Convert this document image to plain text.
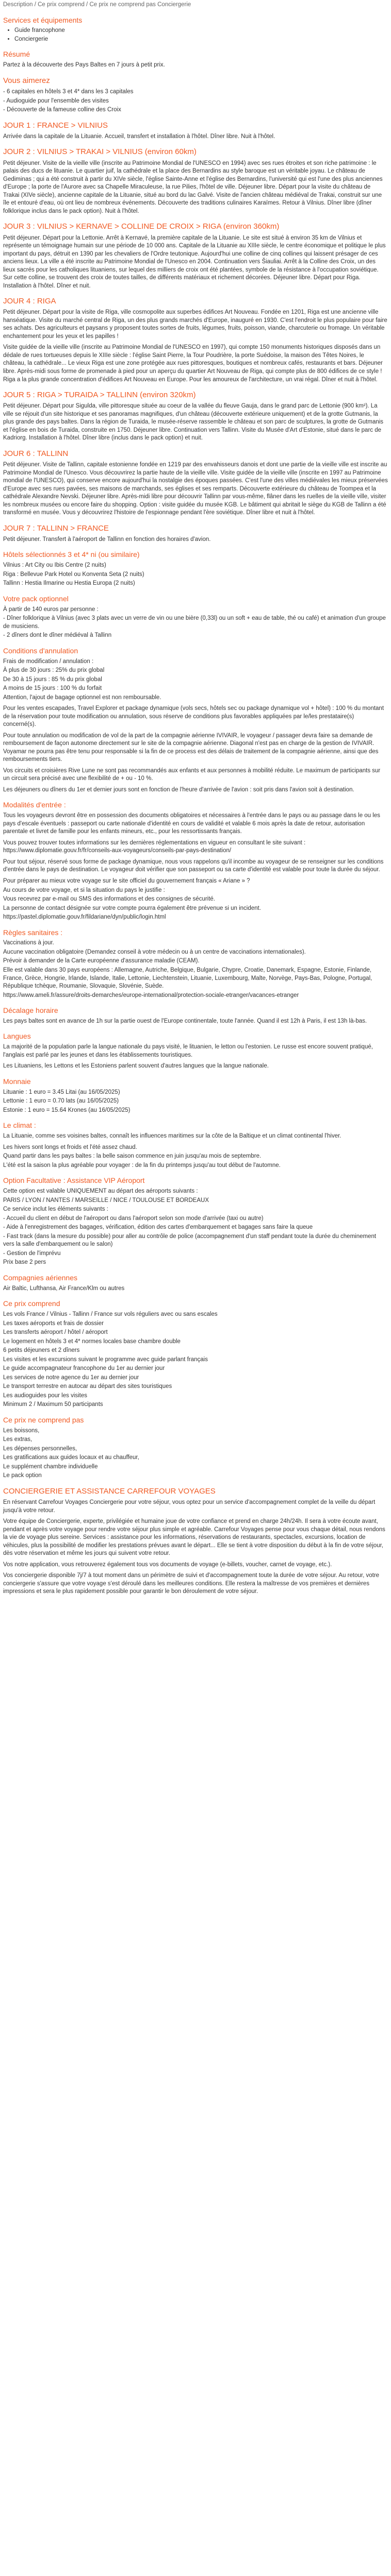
Description / Ce prix comprend / Ce prix ne comprend pas Conciergerie
Services et équipements
• Guide francophone
• Conciergerie
Résumé

Partez à la découverte des Pays Baltes en 7 jours à petit prix.

Vous aimerez
- 6 capitales en hôtels 3 et 4* dans les 3 capitales
- Audioguide pour l'ensemble des visites
- Découverte de la fameuse colline des Croix
JOUR 1 : FRANCE > VILNIUS

Arrivée dans la capitale de la Lituanie. Accueil, transfert et installation à l'hôtel. Dîner libre. Nuit à l'hôtel.

JOUR 2 : VILNIUS > TRAKAI > VILNIUS (environ 60km)

Petit déjeuner. Visite de la vieille ville (inscrite au Patrimoine Mondial de l'UNESCO en 1994) avec ses rues étroites et son riche patrimoine : le palais des ducs de lituanie. Le quartier juif, la cathédrale et la place des Bernardins au style baroque est un véritable joyau. Le château de Gediminas ; qui a été construit à partir du XIVe siècle, l'église Sainte-Anne et l'église des Bernardins, l'université qui est l'une des plus anciennes d'Europe ; la porte de l'Aurore avec sa Chapelle Miraculeuse, la rue Pilies, l'hôtel de ville. Déjeuner libre. Départ pour la visite du château de Trakai (XIVe siècle), ancienne capitale de la Lituanie, situé au bord du lac Galvé. Visite de l'ancien château médiéval de Trakai, construit sur une île et entouré d'eau, où ont lieu de nombreux événements. Découverte des traditions culinaires Karaïmes. Retour à Vilnius. Dîner libre (dîner folklorique inclus dans le pack option). Nuit à l'hôtel.

JOUR 3 : VILNIUS > KERNAVE > COLLINE DE CROIX > RIGA (environ 360km)

Petit déjeuner. Départ pour la Lettonie. Arrêt à Kernavé, la première capitale de la Lituanie. Le site est situé à environ 35 km de Vilnius et représente un témoignage humain sur une période de 10 000 ans. Capitale de la Lituanie au XIIIe siècle, le centre économique et politique le plus important du pays, détruit en 1390 par les chevaliers de l'Ordre teutonique. Aujourd'hui une colline de cinq collines qui laissent présager de ces anciens lieux. La ville a été inscrite au Patrimoine Mondial de l'Unesco en 2004. Continuation vers Šiauliai. Arrêt à la Colline des Croix, un des lieux sacrés pour les catholiques lituaniens, sur lequel des milliers de croix ont été plantées, symbole de la résistance à l'occupation soviétique. Sur cette colline, se trouvent des croix de toutes tailles, de différents matériaux et richement décorées. Déjeuner libre. Départ pour Riga. Installation à l'hôtel. Dîner et nuit.

JOUR 4 : RIGA

Petit déjeuner. Départ pour la visite de Riga, ville cosmopolite aux superbes édifices Art Nouveau. Fondée en 1201, Riga est une ancienne ville hanséatique. Visite du marché central de Riga, un des plus grands marchés d'Europe, inauguré en 1930. C'est l'endroit le plus populaire pour faire ses achats. Des agriculteurs et paysans y proposent toutes sortes de fruits, légumes, fruits, poisson, viande, charcuterie ou fromage. Un véritable enchantement pour les yeux et les papilles !

Visite guidée de la vieille ville (inscrite au Patrimoine Mondial de l'UNESCO en 1997), qui compte 150 monuments historiques disposés dans un dédale de rues tortueuses depuis le XIIIe siècle : l'église Saint Pierre, la Tour Poudrière, la porte Suédoise, la maison des Têtes Noires, le château, la cathédrale... Le vieux Riga est une zone protégée aux rues pittoresques, boutiques et nombreux cafés, restaurants et bars. Déjeuner libre. Après-midi sous forme de promenade à pied pour un aperçu du quartier Art Nouveau de Riga, qui compte plus de 800 édifices de ce style ! Riga a la plus grande concentration d'édifices Art Nouveau en Europe. Pour les amoureux de l'architecture, un vrai régal. Dîner et nuit à l'hôtel.

JOUR 5 : RIGA > TURAIDA > TALLINN (environ 320km)

Petit déjeuner. Départ pour Sigulda, ville pittoresque située au coeur de la vallée du fleuve Gauja, dans le grand parc de Lettonie (900 km²). La ville se réjouit d'un site historique et ses panoramas magnifiques, d'un château (découverte extérieure uniquement) et de la grotte Gutmanis, la plus grande des pays baltes. Dans la région de Turaida, le musée-réserve rassemble le château et son parc de sculptures, la grotte de Gutmanis et l'église en bois de Turaida, construite en 1750. Déjeuner libre. Continuation vers Tallinn. Visite du Musée d'Art d'Estonie, situé dans le parc de Kadriorg. Installation à l'hôtel. Dîner libre (inclus dans le pack option) et nuit.

JOUR 6 : TALLINN

Petit déjeuner. Visite de Tallinn, capitale estonienne fondée en 1219 par des envahisseurs danois et dont une partie de la vieille ville est inscrite au Patrimoine Mondial de l'Unesco. Vous découvrirez la partie haute de la vieille ville. Visite guidée de la vieille ville (inscrite en 1997 au Patrimoine mondial de l'UNESCO), qui conserve encore aujourd'hui la nostalgie des époques passées. C'est l'une des villes médiévales les mieux préservées d'Europe avec ses rues pavées, ses maisons de marchands, ses églises et ses remparts. Découverte extérieure du château de Toompea et la cathédrale Alexandre Nevski. Déjeuner libre. Après-midi libre pour découvrir Tallinn par vous-même, flâner dans les ruelles de la vieille ville, visiter les nombreux musées ou encore faire du shopping. Option : visite guidée du musée KGB. Le bâtiment qui abritait le siège du KGB de Tallinn a été transformé en musée. Vous y découvrirez l'histoire de l'espionnage pendant l'ère soviétique. Dîner libre et nuit à l'hôtel.

JOUR 7 : TALLINN > FRANCE

Petit déjeuner. Transfert à l'aéroport de Tallinn en fonction des horaires d'avion.

Hôtels sélectionnés 3 et 4* ni (ou similaire)
Vilnius : Art City ou Ibis Centre (2 nuits)
Riga : Bellevue Park Hotel ou Konventa Seta (2 nuits)
Tallinn : Hestia Ilmarine ou Hestia Europa (2 nuits)
Votre pack optionnel
À partir de 140 euros par personne :
- Dîner folklorique à Vilnius (avec 3 plats avec un verre de vin ou une bière (0,33l) ou un soft + eau de table, thé ou café) et animation d'un groupe de musiciens.
- 2 dîners dont le dîner médiéval à Tallinn
Conditions d'annulation
Frais de modification / annulation :
À plus de 30 jours : 25% du prix global
De 30 à 15 jours : 85 % du prix global
A moins de 15 jours : 100 % du forfait

Attention, l'ajout de bagage optionnel est non remboursable.

Pour les ventes escapades, Travel Explorer et package dynamique (vols secs, hôtels sec ou package dynamique vol + hôtel) : 100 % du montant de la réservation pour toute modification ou annulation, sous réserve de conditions plus favorables appliquées par le/les prestataire(s) concerné(s).

Pour toute annulation ou modification de vol de la part de la compagnie aérienne IVIVAIR, le voyageur / passager devra faire sa demande de remboursement de façon autonome directement sur le site de la compagnie aérienne. Diagonal n'est pas en charge de la gestion de IVIVAIR. Voyamar ne pourra pas être tenu pour responsable si la fin de ce process est des délais de traitement de la compagnie aérienne, ainsi que des remboursements tiers.

Vos circuits et croisières Rive Lune ne sont pas recommandés aux enfants et aux personnes à mobilité réduite. Le maximum de participants sur un circuit sera précisé avec une flexibilité de + ou - 10 %.

Les déjeuners ou dîners du 1er et dernier jours sont en fonction de l'heure d'arrivée de l'avion : soit pris dans l'avion soit à destination.

Modalités d'entrée :

Tous les voyageurs devront être en possession des documents obligatoires et nécessaires à l'entrée dans le pays ou au passage dans le ou les pays d'escale éventuels : passeport ou carte nationale d'identité en cours de validité et valable 6 mois après la date de retour, autorisation parentale et livret de famille pour les enfants mineurs, etc., pour les ressortissants français.

Vous pouvez trouver toutes informations sur les dernières réglementations en vigueur en consultant le site suivant : https://www.diplomatie.gouv.fr/fr/conseils-aux-voyageurs/conseils-par-pays-destination/

Pour tout séjour, réservé sous forme de package dynamique, nous vous rappelons qu'il incombe au voyageur de se renseigner sur les conditions d'entrée dans le pays de destination. Le voyageur doit vérifier que son passeport ou sa carte d'identité est valable pour toute la durée du séjour.

Pour préparer au mieux votre voyage sur le site officiel du gouvernement français « Ariane » ?
Au cours de votre voyage, et si la situation du pays le justifie :
Vous recevrez par e-mail ou SMS des informations et des consignes de sécurité.
La personne de contact désignée sur votre compte pourra également être prévenue si un incident.

https://pastel.diplomatie.gouv.fr/fildariane/dyn/public/login.html

Règles sanitaires :
Vaccinations à jour.
Aucune vaccination obligatoire (Demandez conseil à votre médecin ou à un centre de vaccinations internationales).
Prévoir à demander de la Carte européenne d'assurance maladie (CEAM).
Elle est valable dans 30 pays européens : Allemagne, Autriche, Belgique, Bulgarie, Chypre, Croatie, Danemark, Espagne, Estonie, Finlande, France, Grèce, Hongrie, Irlande, Islande, Italie, Lettonie, Liechtenstein, Lituanie, Luxembourg, Malte, Norvège, Pays-Bas, Pologne, Portugal, République tchèque, Roumanie, Slovaquie, Slovénie, Suède.

https://www.ameli.fr/assure/droits-demarches/europe-international/protection-sociale-etranger/vacances-etranger

Décalage horaire

Les pays baltes sont en avance de 1h sur la partie ouest de l'Europe continentale, toute l'année. Quand il est 12h à Paris, il est 13h là-bas.

Langues

La majorité de la population parle la langue nationale du pays visité, le lituanien, le letton ou l'estonien. Le russe est encore souvent pratiqué, l'anglais est parlé par les jeunes et dans les établissements touristiques.

Les Lituaniens, les Lettons et les Estoniens parlent souvent d'autres langues que la langue nationale.

Monnaie
Lituanie : 1 euro = 3.45 Litai (au 16/05/2025)
Lettonie : 1 euro = 0.70 lats (au 16/05/2025)
Estonie : 1 euro = 15.64 Krones (au 16/05/2025)
Le climat :

La Lituanie, comme ses voisines baltes, connaît les influences maritimes sur la côte de la Baltique et un climat continental l'hiver.

Les hivers sont longs et froids et l'été assez chaud.
Quand partir dans les pays baltes : la belle saison commence en juin jusqu'au mois de septembre.

L'été est la saison la plus agréable pour voyager : de la fin du printemps jusqu'au tout début de l'automne.

Option Facultative : Assistance VIP Aéroport
Cette option est valable UNIQUEMENT au départ des aéroports suivants :
PARIS / LYON / NANTES / MARSEILLE / NICE / TOULOUSE ET BORDEAUX
Ce service inclut les éléments suivants :
- Accueil du client en début de l'aéroport ou dans l'aéroport selon son mode d'arrivée (taxi ou autre)
- Aide à l'enregistrement des bagages, vérification, édition des cartes d'embarquement et bagages sans faire la queue
- Fast track (dans la mesure du possible) pour aller au contrôle de police (accompagnement d'un staff pendant toute la durée du cheminement vers la salle d'embarquement ou le salon)
- Gestion de l'imprévu

Prix base 2 pers

Compagnies aériennes

Air Baltic, Lufthansa, Air France/Klm ou autres

Ce prix comprend
Les vols France / Vilnius - Tallinn / France sur vols réguliers avec ou sans escales
Les taxes aéroports et frais de dossier
Les transferts aéroport / hôtel / aéroport
Le logement en hôtels 3 et 4* normes locales base chambre double
6 petits déjeuners et 2 dîners
Les visites et les excursions suivant le programme avec guide parlant français
Le guide accompagnateur francophone du 1er au dernier jour
Les services de notre agence du 1er au dernier jour
Le transport terrestre en autocar au départ des sites touristiques
Les audioguides pour les visites

Minimum 2 / Maximum 50 participants

Ce prix ne comprend pas
Les boissons,
Les extras,
Les dépenses personnelles,
Les gratifications aux guides locaux et au chauffeur,
Le supplément chambre individuelle

Le pack option

CONCIERGERIE ET ASSISTANCE CARREFOUR VOYAGES

En réservant Carrefour Voyages Conciergerie pour votre séjour, vous optez pour un service d'accompagnement complet de la veille du départ jusqu'à votre retour.

Votre équipe de Conciergerie, experte, privilégiée et humaine joue de votre confiance et prend en charge 24h/24h. Il sera à votre écoute avant, pendant et après votre voyage pour rendre votre séjour plus simple et agréable. Carrefour Voyages pense pour vous chaque détail, nous rendons la vie de voyage plus sereine. Services : assistance pour les informations, réservations de restaurants, spectacles, excursions, location de véhicules, plus la possibilité de modifier les prestations prévues avant le départ... Elle se tient à votre disposition du début à la fin de votre séjour, dès votre réservation et même les jours qui suivent votre retour.

Vos notre application, vous retrouverez également tous vos documents de voyage (e-billets, voucher, carnet de voyage, etc.).

Vos conciergerie disponible 7j/7 à tout moment dans un périmètre de suivi et d'accompagnement toute la durée de votre séjour. Au retour, votre conciergerie s'assure que votre voyage s'est déroulé dans les meilleures conditions. Elle restera la maîtresse de vos premières et dernières impressions et sera le plus rapidement possible pour garantir le bon déroulement de votre séjour.
